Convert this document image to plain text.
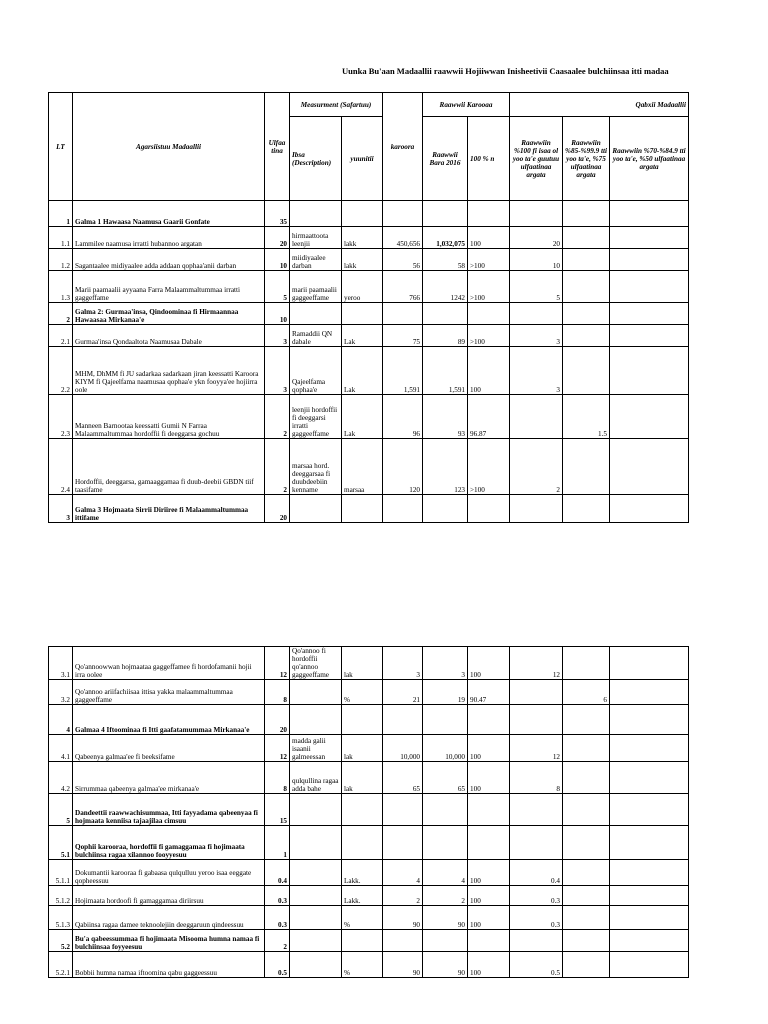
Uunka Bu'aan Madaallii raawwii Hojiiwwan Inisheetivii Caasaalee bulchiinsaa itti madaa
LT	Agarsiistuu Madaallii	Ulfaa tina	Measurment (Safartuu)		karoora	Raawwii Karooaa		Qabxii Madaallii		
			Ibsa (Description)	yuunitii		Raawwii Bara 2016	100 % n	Raawwiin %100 fi isaa ol yoo ta'e guutuu ulfaatinaa argata	Raawwiin %85-%99.9 tti yoo ta'e, %75 ulfaatinaa argata	Raawwiin %70-%84.9 tti yoo ta'e, %50 ulfaatinaa argata

1	Galma 1 Hawaasa Naamusa Gaarii Gonfate	35								
1.1	Lammilee naamusa irratti hubannoo argatan	20	hirmaattoota leenjii	lakk	450,656	1,032,075	100	20		
1.2	Sagantaalee midiyaalee adda addaan qophaa'anii darban	10	miidiyaalee darban	lakk	56	58	>100	10		
1.3	Marii paamaalii ayyaana Farra Malaammaltummaa irratti gaggeffame	5	marii paamaalii gaggeeffame	yeroo	766	1242	>100	5		
2	Galma 2: Gurmaa'insa, Qindoominaa fi Hirmaannaa Hawaasaa Mirkanaa'e	10								
2.1	Gurmaa'insa Qondaaltota Naamusaa Dabale	3	Ramaddii QN dabale	Lak	75	89	>100	3		
2.2	MHM, DhMM fi JU sadarkaa sadarkaan jiran keessatti Karoora KIYM fi Qajeelfama naamusaa qophaa'e ykn fooyya'ee hojiirra oole	3	Qajeelfama qophaa'e	Lak	1,591	1,591	100	3		
2.3	Manneen Barnootaa keessatti Gumii N Farraa Malaammaltummaa hordoffii fi deeggarsa gochuu	2	leenjii hordoffii fi deeggarsi irratti gaggeeffame	Lak	96	93	96.87		1.5	
2.4	Hordoffii, deeggarsa, gamaaggamaa fi duub-deebii GBDN tiif taasifame	2	marsaa hord. deeggarsaa fi duubdeebiin kenname	marsaa	120	123	>100	2		
3	Galma 3 Hojmaata Sirrii Diriiree fi Malaammaltummaa ittifame	20								
3.1	Qo'annoowwan hojmaataa gaggeffamee fi hordofamanii hojii irra oolee	12	Qo'annoo fi hordoffii qo'annoo gaggeeffame	lak	3	3	100	12		
3.2	Qo'annoo ariifachiisaa ittisa yakka malaammaltummaa gaggeeffame	8		%	21	19	90.47		6	
4	Galmaa 4 Iftoominaa fi Itti gaafatamummaa Mirkanaa'e	20								
4.1	Qabeenya galmaa'ee fi beeksifame	12	madda galii isaanii galmeessan	lak	10,000	10,000	100	12		
4.2	Sirrummaa qabeenya galmaa'ee mirkanaa'e	8	qulqullina ragaa adda bahe	lak	65	65	100	8		
5	Dandeettii raawwachisummaa, Itti fayyadama qabeenyaa fi hojmaata kenniisa tajaajilaa cimsuu	15								
5.1	Qophii karooraa, hordoffii fi gamaggamaa fi hojimaata bulchiinsa ragaa xilannoo fooyyesuu	1								
5.1.1	Dokumantii karooraa fi gabaasa qulqulluu yeroo isaa eeggate qopheessuu	0.4		Lakk.	4	4	100	0.4		
5.1.2	Hojimaata hordoofi fi gamaggamaa diriirsuu	0.3		Lakk.	2	2	100	0.3		
5.1.3	Qabiinsa ragaa damee teknoolejiin deeggaruun qindeessuu	0.3		%	90	90	100	0.3		
5.2	Bu'a qabeessummaa fi hojimaata Misooma humna namaa fi bulchiinsaa foyyeesuu	2								
5.2.1	Bobbii humna namaa iftoomina qabu gaggeessuu	0.5		%	90	90	100	0.5		
